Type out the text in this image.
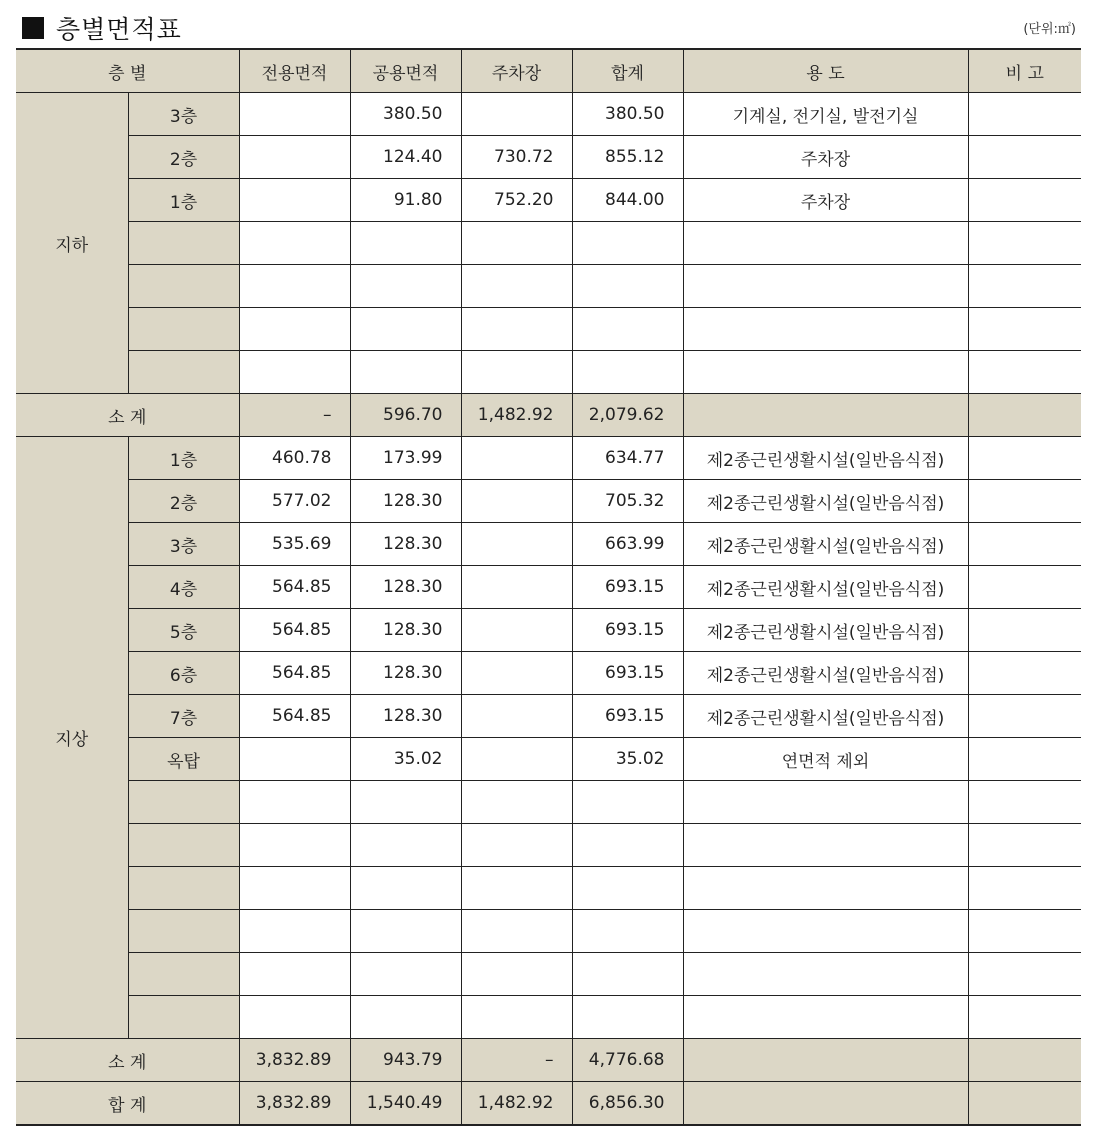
층별면적표	(단위:㎡)
층 별		전용면적	공용면적	주차장	합계	용 도	비 고
지하	3층		380.50		380.50	기계실, 전기실, 발전기실	
	2층		124.40	730.72	855.12	주차장	
	1층		91.80	752.20	844.00	주차장	

소 계		–	596.70	1,482.92	2,079.62		
지상	1층	460.78	173.99		634.77	제2종근린생활시설(일반음식점)	
	2층	577.02	128.30		705.32	제2종근린생활시설(일반음식점)	
	3층	535.69	128.30		663.99	제2종근린생활시설(일반음식점)	
	4층	564.85	128.30		693.15	제2종근린생활시설(일반음식점)	
	5층	564.85	128.30		693.15	제2종근린생활시설(일반음식점)	
	6층	564.85	128.30		693.15	제2종근린생활시설(일반음식점)	
	7층	564.85	128.30		693.15	제2종근린생활시설(일반음식점)	
	옥탑		35.02		35.02	연면적 제외	

소 계		3,832.89	943.79	–	4,776.68		
합 계		3,832.89	1,540.49	1,482.92	6,856.30		
